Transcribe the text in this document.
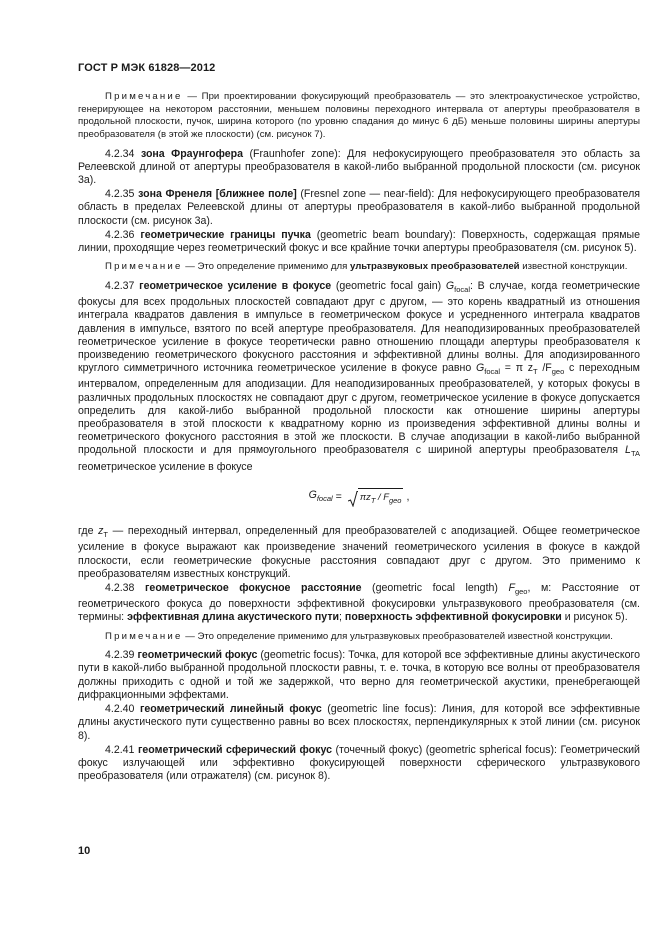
ГОСТ Р МЭК 61828—2012

Примечание — При проектировании фокусирующий преобразователь — это электроакустическое устройство, генерирующее на некотором расстоянии, меньшем половины переходного интервала от апертуры преобразователя в продольной плоскости, пучок, ширина которого (по уровню спадания до минус 6 дБ) меньше половины ширины апертуры преобразователя (в этой же плоскости) (см. рисунок 7).

4.2.34 зона Фраунгофера (Fraunhofer zone): Для нефокусирующего преобразователя это область за Релеевской длиной от апертуры преобразователя в какой-либо выбранной продольной плоскости (см. рисунок 3а).

4.2.35 зона Френеля [ближнее поле] (Fresnel zone — near-field): Для нефокусирующего преобразователя область в пределах Релеевской длины от апертуры преобразователя в какой-либо выбранной продольной плоскости (см. рисунок 3а).

4.2.36 геометрические границы пучка (geometric beam boundary): Поверхность, содержащая прямые линии, проходящие через геометрический фокус и все крайние точки апертуры преобразователя (см. рисунок 5).

Примечание — Это определение применимо для ультразвуковых преобразователей известной конструкции.

4.2.37 геометрическое усиление в фокусе (geometric focal gain) $G_{focal}$: В случае, когда геометрические фокусы для всех продольных плоскостей совпадают друг с другом, — это корень квадратный из отношения интеграла квадратов давления в импульсе в геометрическом фокусе и усредненного интеграла квадратов давления в импульсе, взятого по всей апертуре преобразователя. Для неаподизированных преобразователей геометрическое усиление в фокусе теоретически равно отношению площади апертуры преобразователя к произведению геометрического фокусного расстояния и эффективной длины волны. Для аподизированного круглого симметричного источника геометрическое усиление в фокусе равно $G_{focal} = \pi$ $z_T$ $/F_{geo}$ с переходным интервалом, определенным для аподизации. Для неаподизированных преобразователей, у которых фокусы в различных продольных плоскостях не совпадают друг с другом, геометрическое усиление в фокусе допускается определить для какой-либо выбранной продольной плоскости как отношение ширины апертуры преобразователя в этой плоскости к квадратному корню из произведения эффективной длины волны и геометрического фокусного расстояния в этой же плоскости. В случае аподизации в какой-либо выбранной продольной плоскости и для прямоугольного преобразователя с шириной апертуры преобразователя $L_{TA}$ геометрическое усиление в фокусе

$G_{focal} = \pi z_T / F_{geo}$ ,

где $z_T$ — переходный интервал, определенный для преобразователей с аподизацией. Общее геометрическое усиление в фокусе выражают как произведение значений геометрического усиления в фокусе в каждой плоскости, если геометрические фокусные расстояния совпадают друг с другом. Это применимо к преобразователям известных конструкций.

4.2.38 геометрическое фокусное расстояние (geometric focal length) $F_{geo}$, м: Расстояние от геометрического фокуса до поверхности эффективной фокусировки ультразвукового преобразователя (см. термины: эффективная длина акустического пути; поверхность эффективной фокусировки и рисунок 5).

Примечание — Это определение применимо для ультразвуковых преобразователей известной конструкции.

4.2.39 геометрический фокус (geometric focus): Точка, для которой все эффективные длины акустического пути в какой-либо выбранной продольной плоскости равны, т. е. точка, в которую все волны от преобразователя должны приходить с одной и той же задержкой, что верно для геометрической акустики, пренебрегающей дифракционными эффектами.

4.2.40 геометрический линейный фокус (geometric line focus): Линия, для которой все эффективные длины акустического пути существенно равны во всех плоскостях, перпендикулярных к этой линии (см. рисунок 8).

4.2.41 геометрический сферический фокус (точечный фокус) (geometric spherical focus): Геометрический фокус излучающей или эффективно фокусирующей поверхности сферического ультразвукового преобразователя (или отражателя) (см. рисунок 8).

10
